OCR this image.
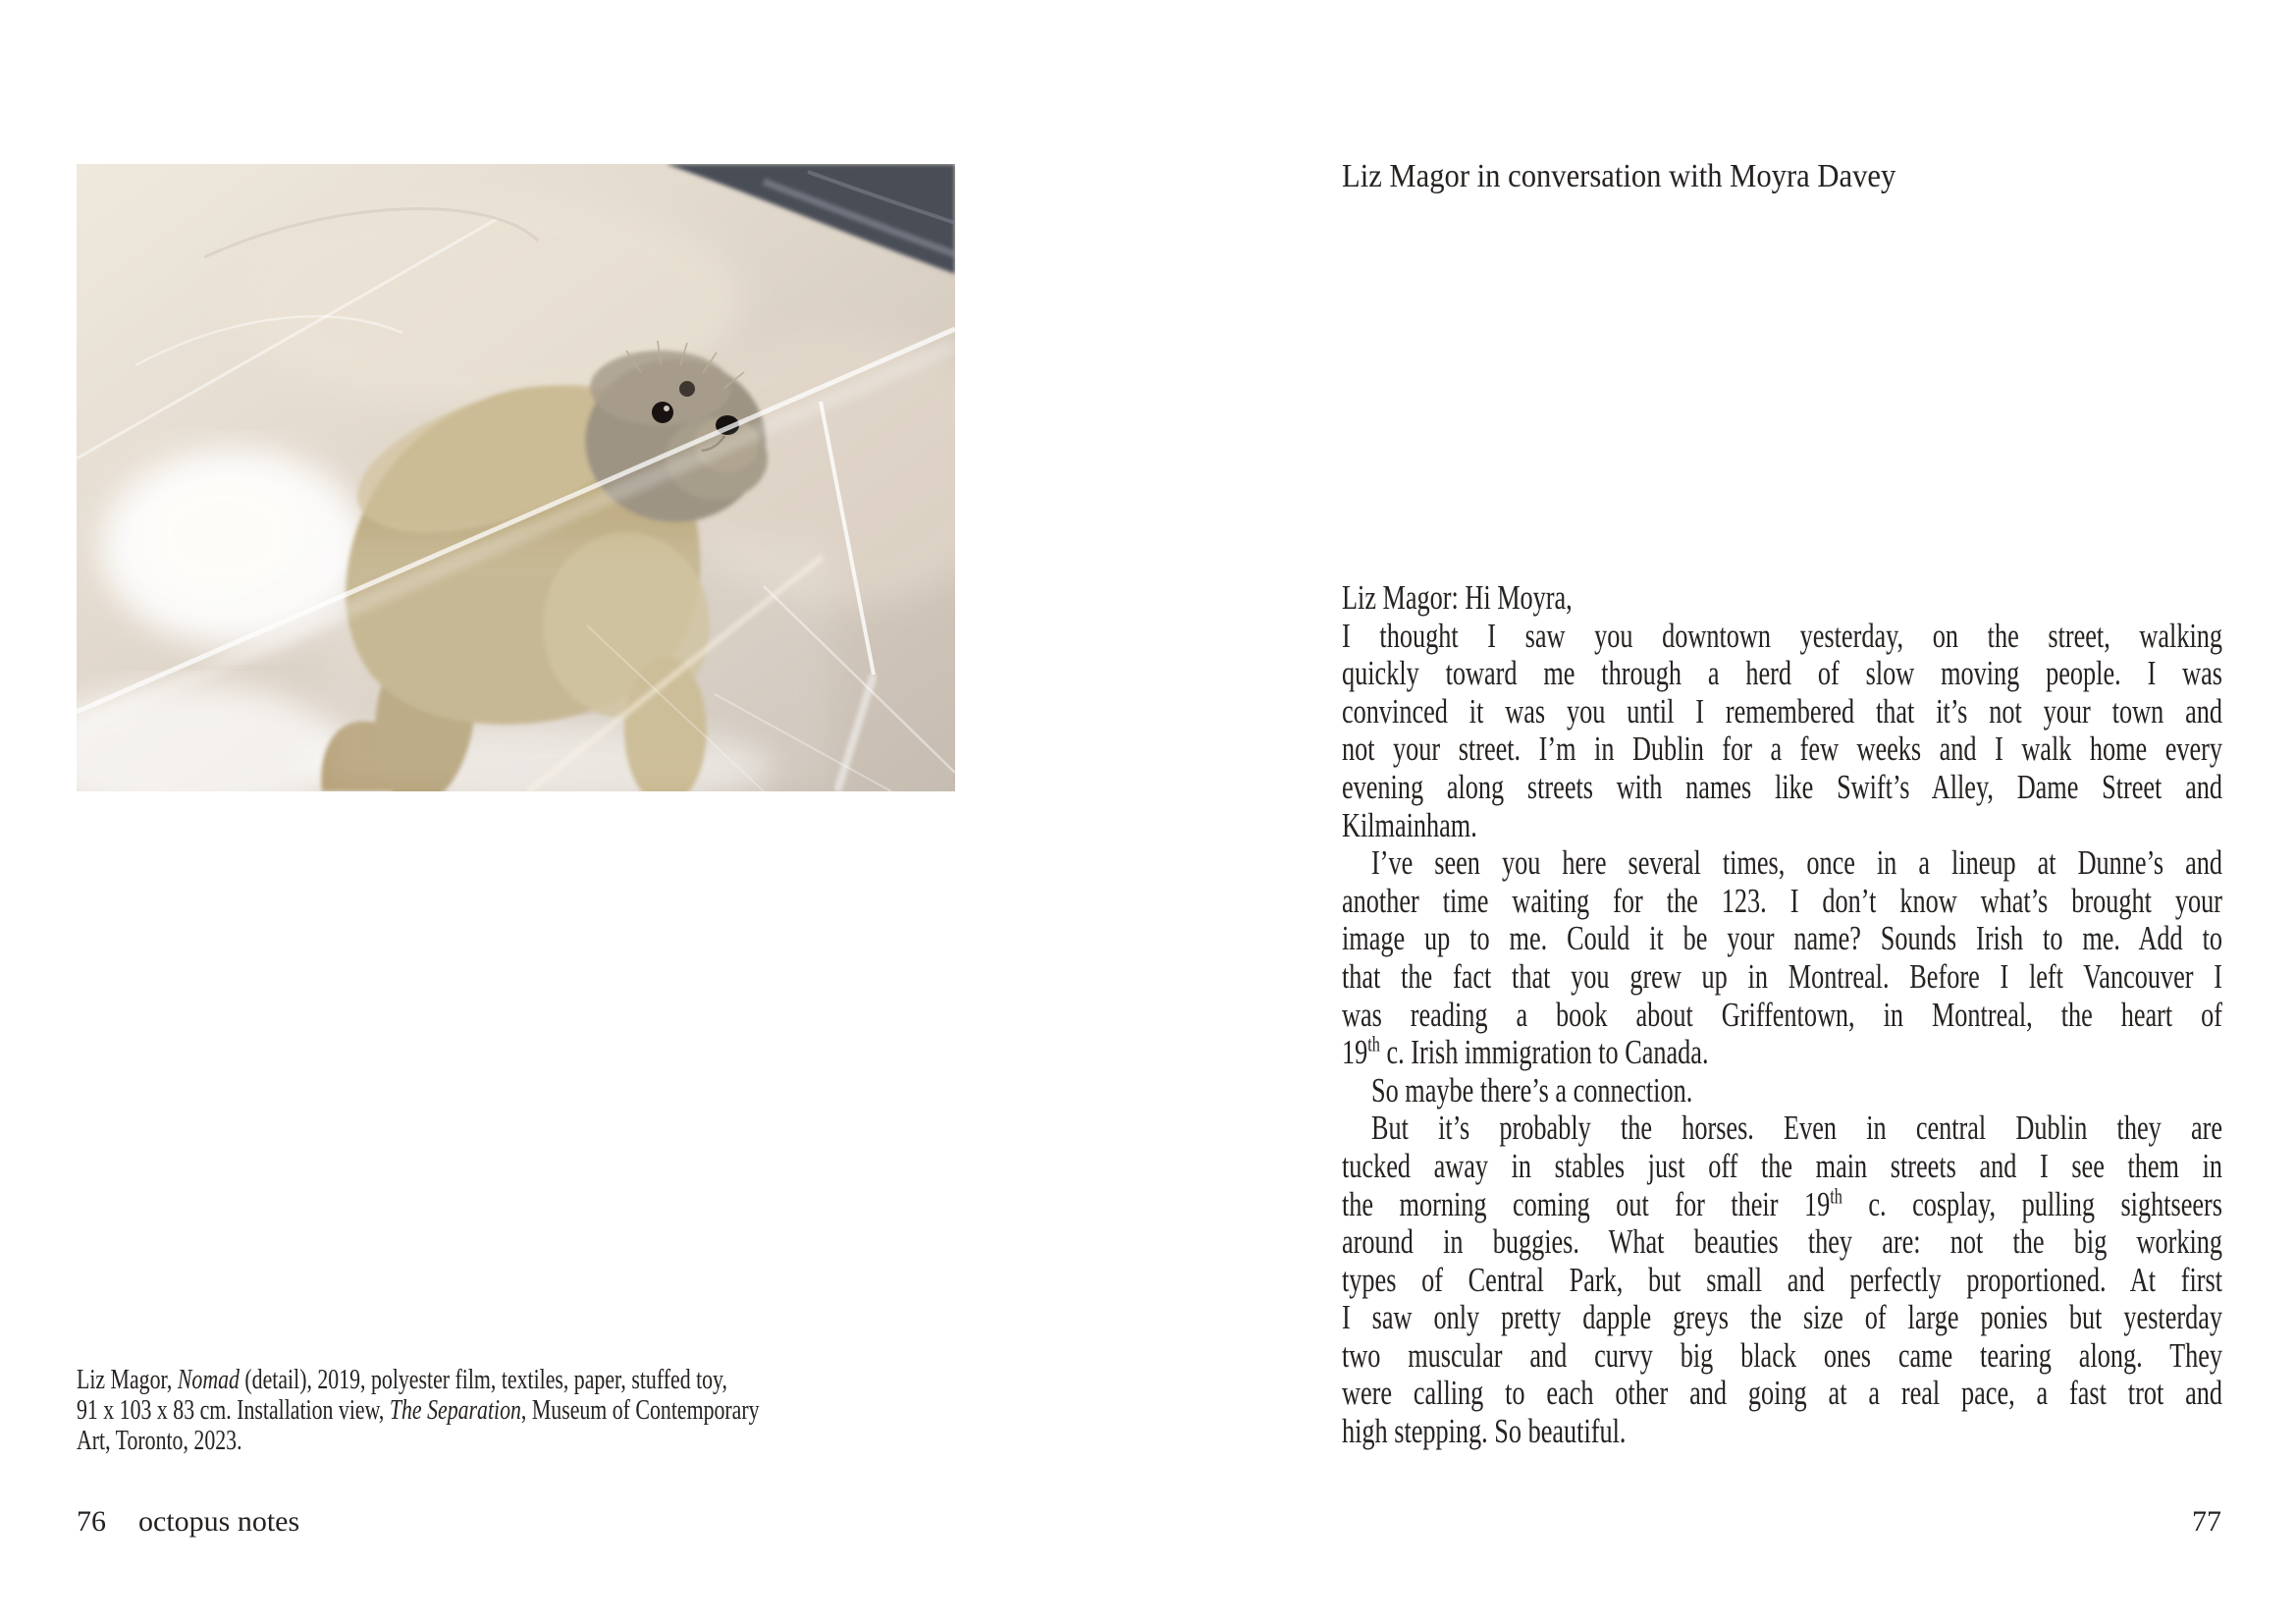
Liz Magor, Nomad (detail), 2019, polyester film, textiles, paper, stuffed toy,
91 x 103 x 83 cm. Installation view, The Separation, Museum of Contemporary
Art, Toronto, 2023.
76 octopus notes
Liz Magor in conversation with Moyra Davey
Liz Magor: Hi Moyra,
I thought I saw you downtown yesterday, on the street, walking
quickly toward me through a herd of slow moving people. I was
convinced it was you until I remembered that it’s not your town and
not your street. I’m in Dublin for a few weeks and I walk home every
evening along streets with names like Swift’s Alley, Dame Street and
Kilmainham.
I’ve seen you here several times, once in a lineup at Dunne’s and
another time waiting for the 123. I don’t know what’s brought your
image up to me. Could it be your name? Sounds Irish to me. Add to
that the fact that you grew up in Montreal. Before I left Vancouver I
was reading a book about Griffentown, in Montreal, the heart of
19th c. Irish immigration to Canada.
So maybe there’s a connection.
But it’s probably the horses. Even in central Dublin they are
tucked away in stables just off the main streets and I see them in
the morning coming out for their 19th c. cosplay, pulling sightseers
around in buggies. What beauties they are: not the big working
types of Central Park, but small and perfectly proportioned. At first
I saw only pretty dapple greys the size of large ponies but yesterday
two muscular and curvy big black ones came tearing along. They
were calling to each other and going at a real pace, a fast trot and
high stepping. So beautiful.
77
